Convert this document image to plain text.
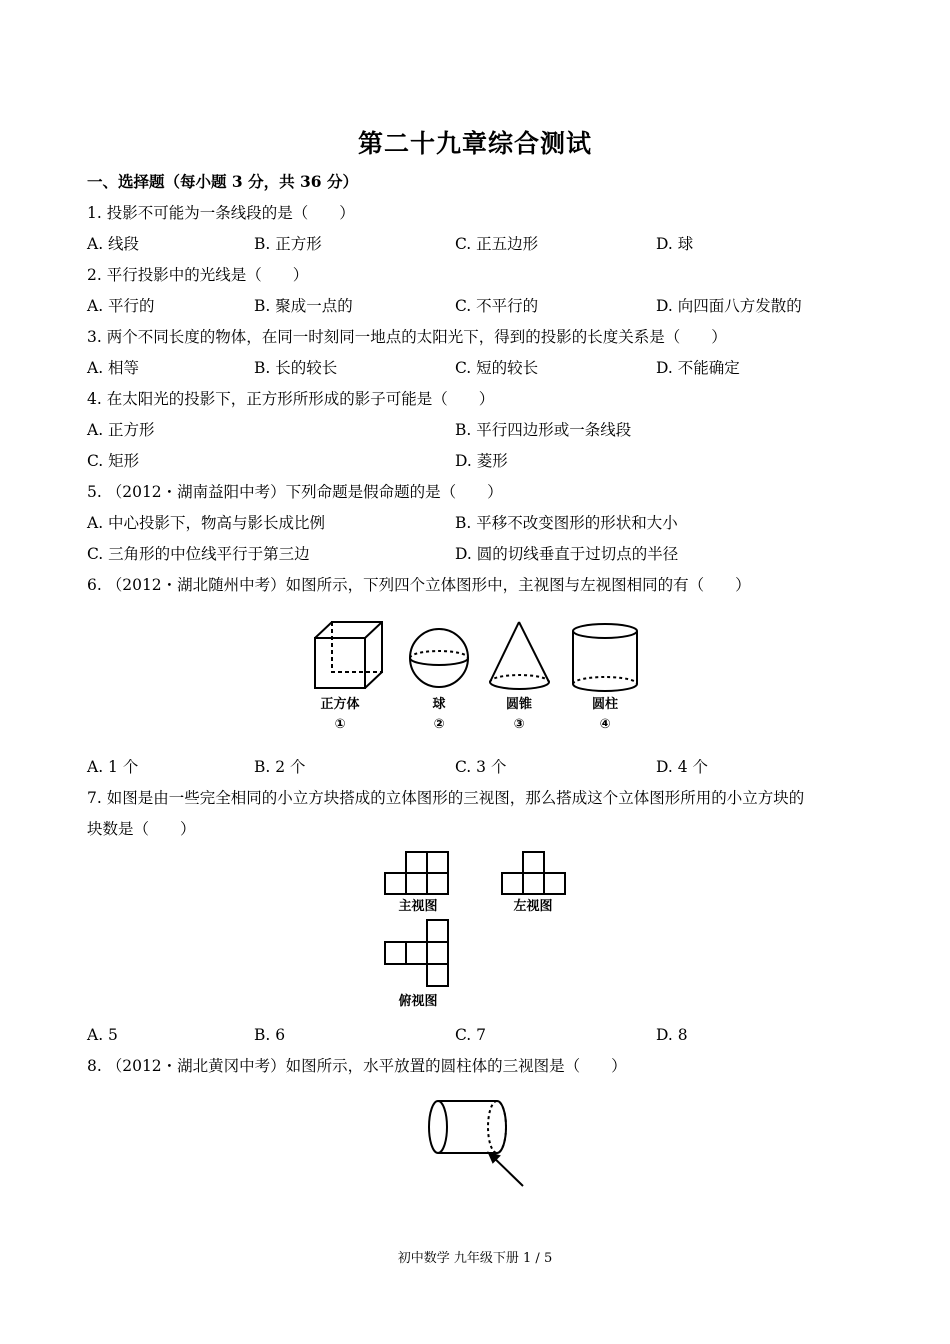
第二十九章综合测试
一、选择题（每小题 3 分，共 36 分）
1. 投影不可能为一条线段的是（　　）
A. 线段	B. 正方形	C. 正五边形	D. 球
2. 平行投影中的光线是（　　）
A. 平行的	B. 聚成一点的	C. 不平行的	D. 向四面八方发散的
3. 两个不同长度的物体，在同一时刻同一地点的太阳光下，得到的投影的长度关系是（　　）
A. 相等	B. 长的较长	C. 短的较长	D. 不能确定
4. 在太阳光的投影下，正方形所形成的影子可能是（　　）
A. 正方形	B. 平行四边形或一条线段
C. 矩形	D. 菱形
5. （2012・湖南益阳中考）下列命题是假命题的是（　　）
A. 中心投影下，物高与影长成比例	B. 平移不改变图形的形状和大小
C. 三角形的中位线平行于第三边	D. 圆的切线垂直于过切点的半径
6. （2012・湖北随州中考）如图所示，下列四个立体图形中，主视图与左视图相同的有（　　）
正方体	球	圆锥	圆柱
①	②	③	④
A. 1 个	B. 2 个	C. 3 个	D. 4 个
7. 如图是由一些完全相同的小立方块搭成的立体图形的三视图，那么搭成这个立体图形所用的小立方块的
块数是（　　）
主视图	左视图
俯视图
A. 5	B. 6	C. 7	D. 8
8. （2012・湖北黄冈中考）如图所示，水平放置的圆柱体的三视图是（　　）
初中数学 九年级下册 1 / 5
